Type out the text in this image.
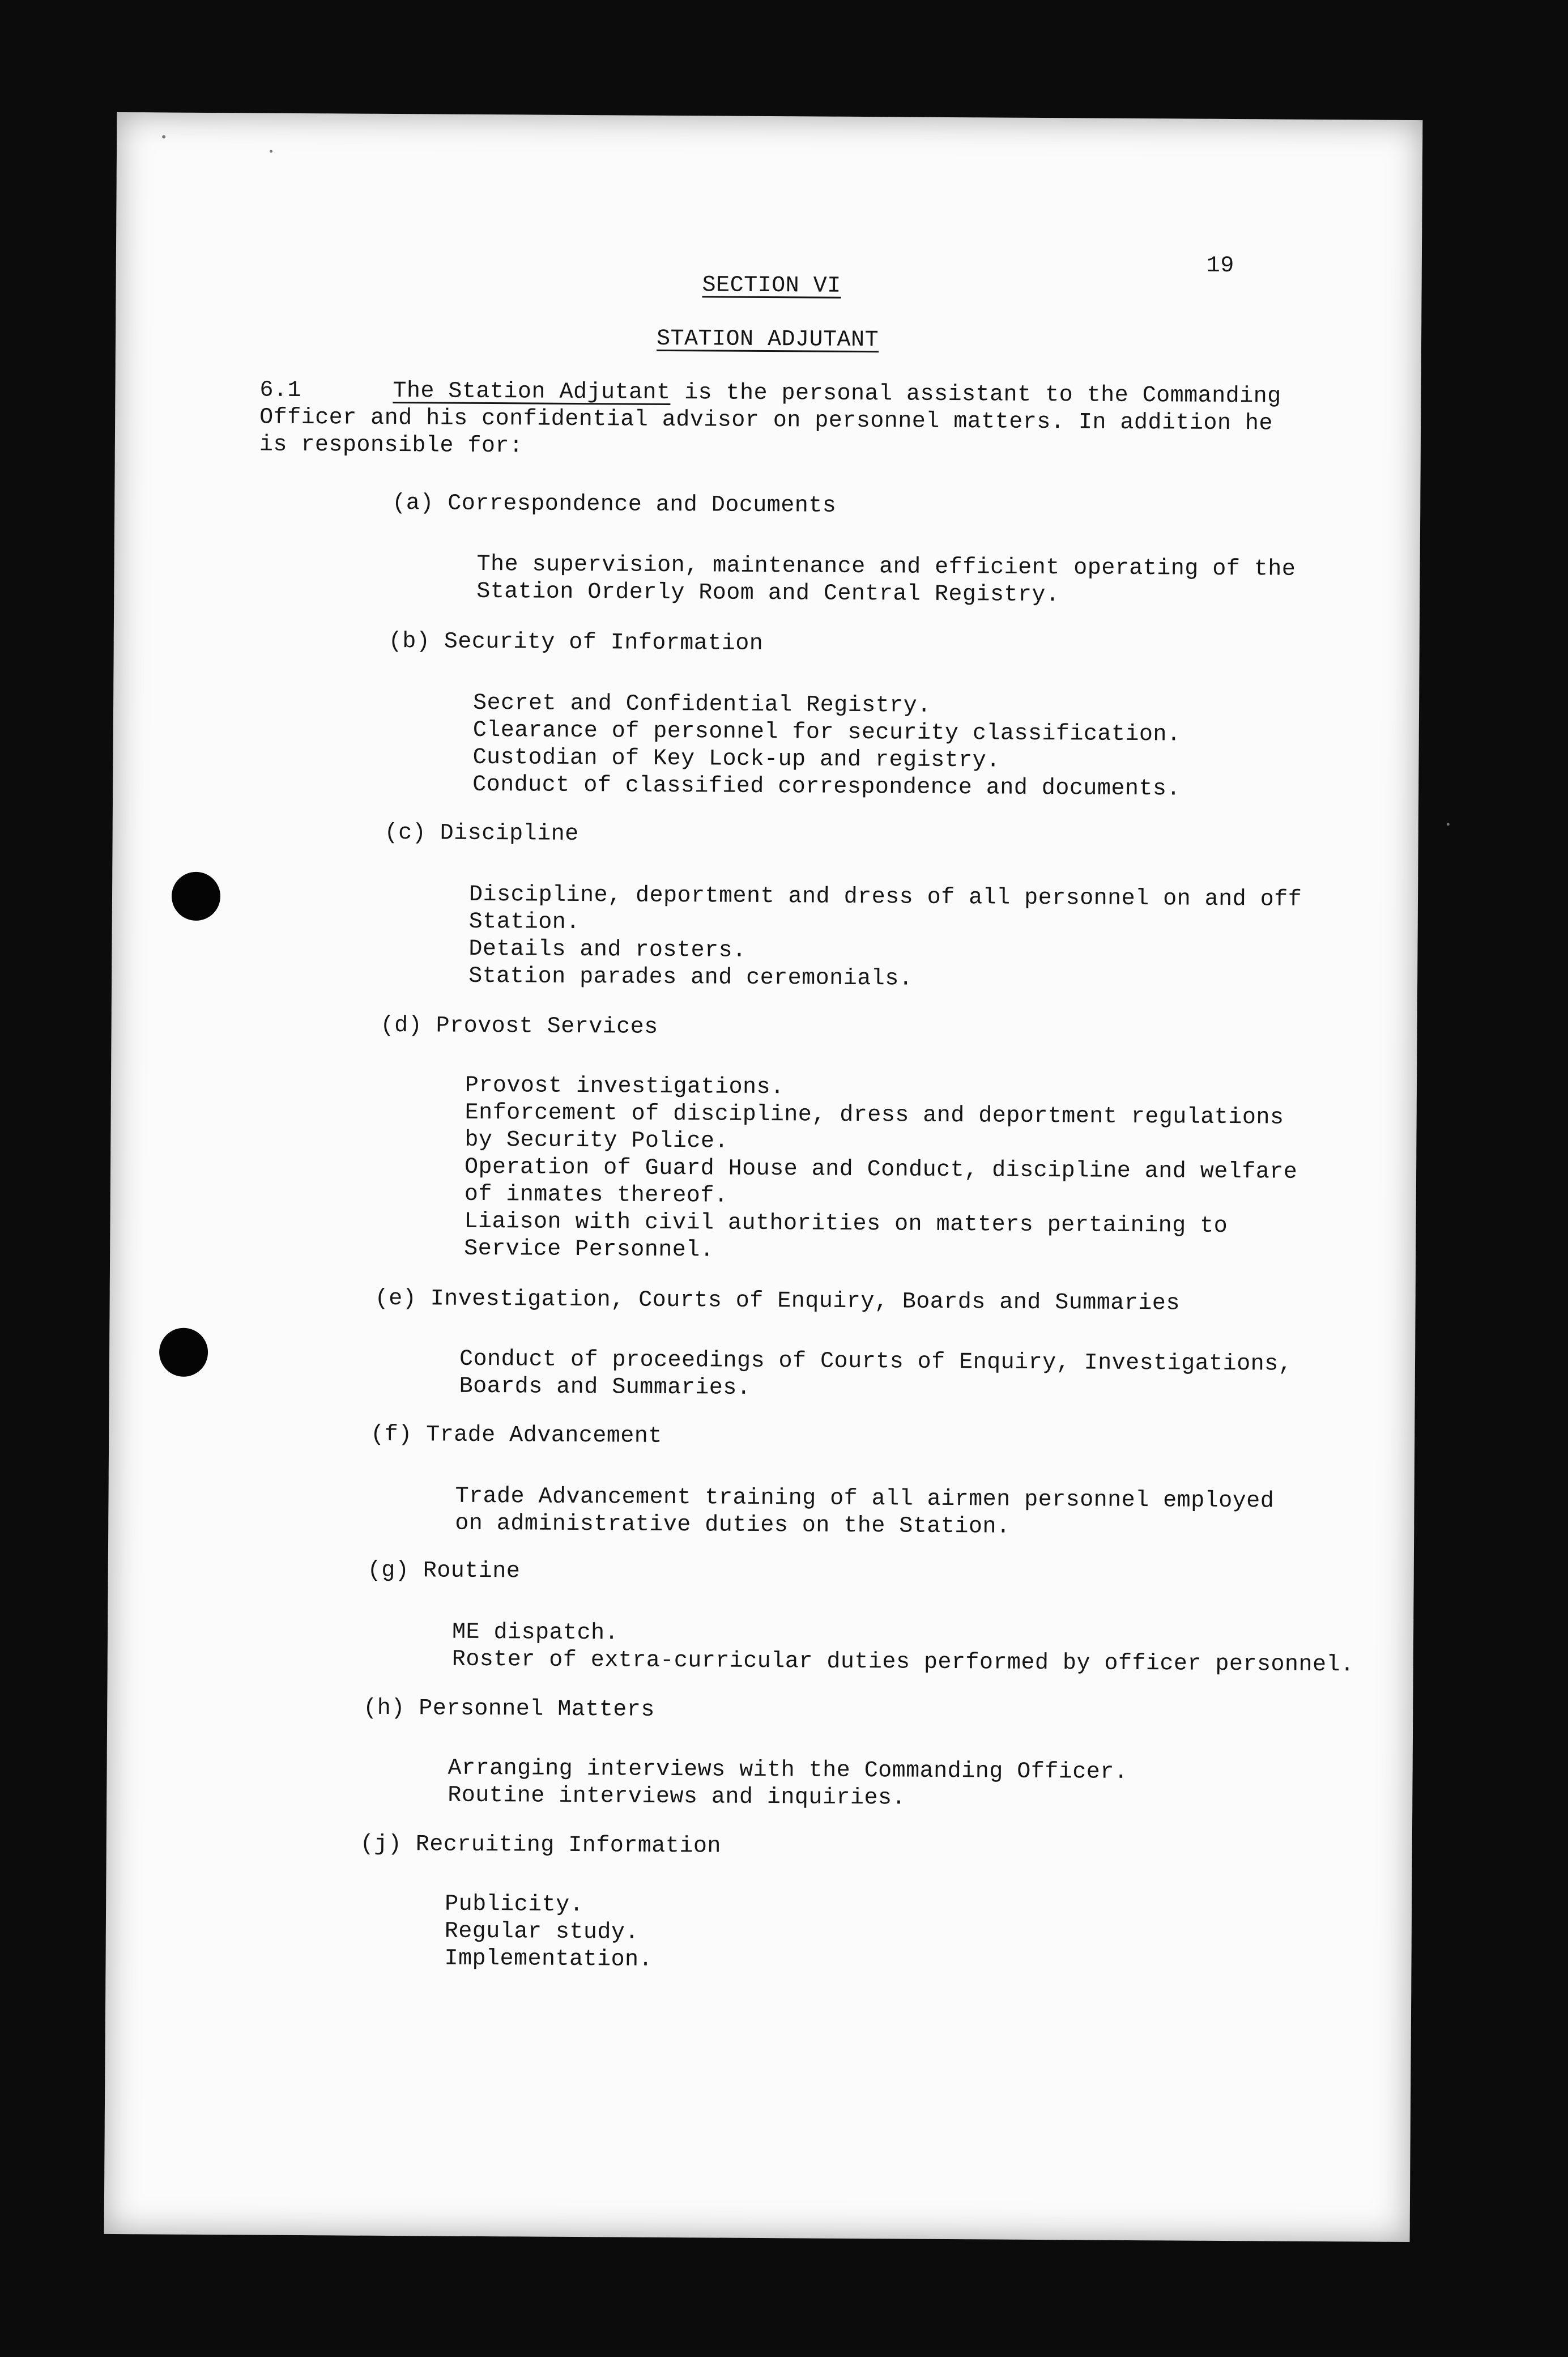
19
SECTION VI
STATION ADJUTANT
6.1	The Station Adjutant is the personal assistant to the Commanding
Officer and his confidential advisor on personnel matters. In addition he
is responsible for:
(a) Correspondence and Documents
The supervision, maintenance and efficient operating of the
Station Orderly Room and Central Registry.
(b) Security of Information
Secret and Confidential Registry.
Clearance of personnel for security classification.
Custodian of Key Lock-up and registry.
Conduct of classified correspondence and documents.
(c) Discipline
Discipline, deportment and dress of all personnel on and off
Station.
Details and rosters.
Station parades and ceremonials.
(d) Provost Services
Provost investigations.
Enforcement of discipline, dress and deportment regulations
by Security Police.
Operation of Guard House and Conduct, discipline and welfare
of inmates thereof.
Liaison with civil authorities on matters pertaining to
Service Personnel.
(e) Investigation, Courts of Enquiry, Boards and Summaries
Conduct of proceedings of Courts of Enquiry, Investigations,
Boards and Summaries.
(f) Trade Advancement
Trade Advancement training of all airmen personnel employed
on administrative duties on the Station.
(g) Routine
ME dispatch.
Roster of extra-curricular duties performed by officer personnel.
(h) Personnel Matters
Arranging interviews with the Commanding Officer.
Routine interviews and inquiries.
(j) Recruiting Information
Publicity.
Regular study.
Implementation.
